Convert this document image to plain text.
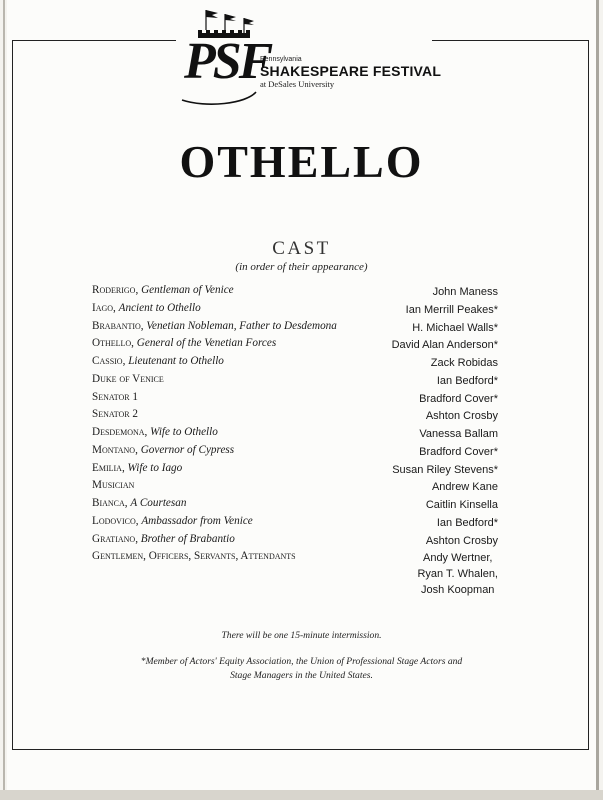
PSF
Pennsylvania
SHAKESPEARE FESTIVAL
at DeSales University
OTHELLO
CAST
(in order of their appearance)
Roderigo, Gentleman of Venice	John Maness
Iago, Ancient to Othello	Ian Merrill Peakes*
Brabantio, Venetian Nobleman, Father to Desdemona	H. Michael Walls*
Othello, General of the Venetian Forces	David Alan Anderson*
Cassio, Lieutenant to Othello	Zack Robidas
Duke of Venice	Ian Bedford*
Senator 1	Bradford Cover*
Senator 2	Ashton Crosby
Desdemona, Wife to Othello	Vanessa Ballam
Montano, Governor of Cypress	Bradford Cover*
Emilia, Wife to Iago	Susan Riley Stevens*
Musician	Andrew Kane
Bianca, A Courtesan	Caitlin Kinsella
Lodovico, Ambassador from Venice	Ian Bedford*
Gratiano, Brother of Brabantio	Ashton Crosby
Gentlemen, Officers, Servants, Attendants	Andy Wertner,
Ryan T. Whalen,
Josh Koopman
There will be one 15-minute intermission.
*Member of Actors' Equity Association, the Union of Professional Stage Actors and
Stage Managers in the United States.
